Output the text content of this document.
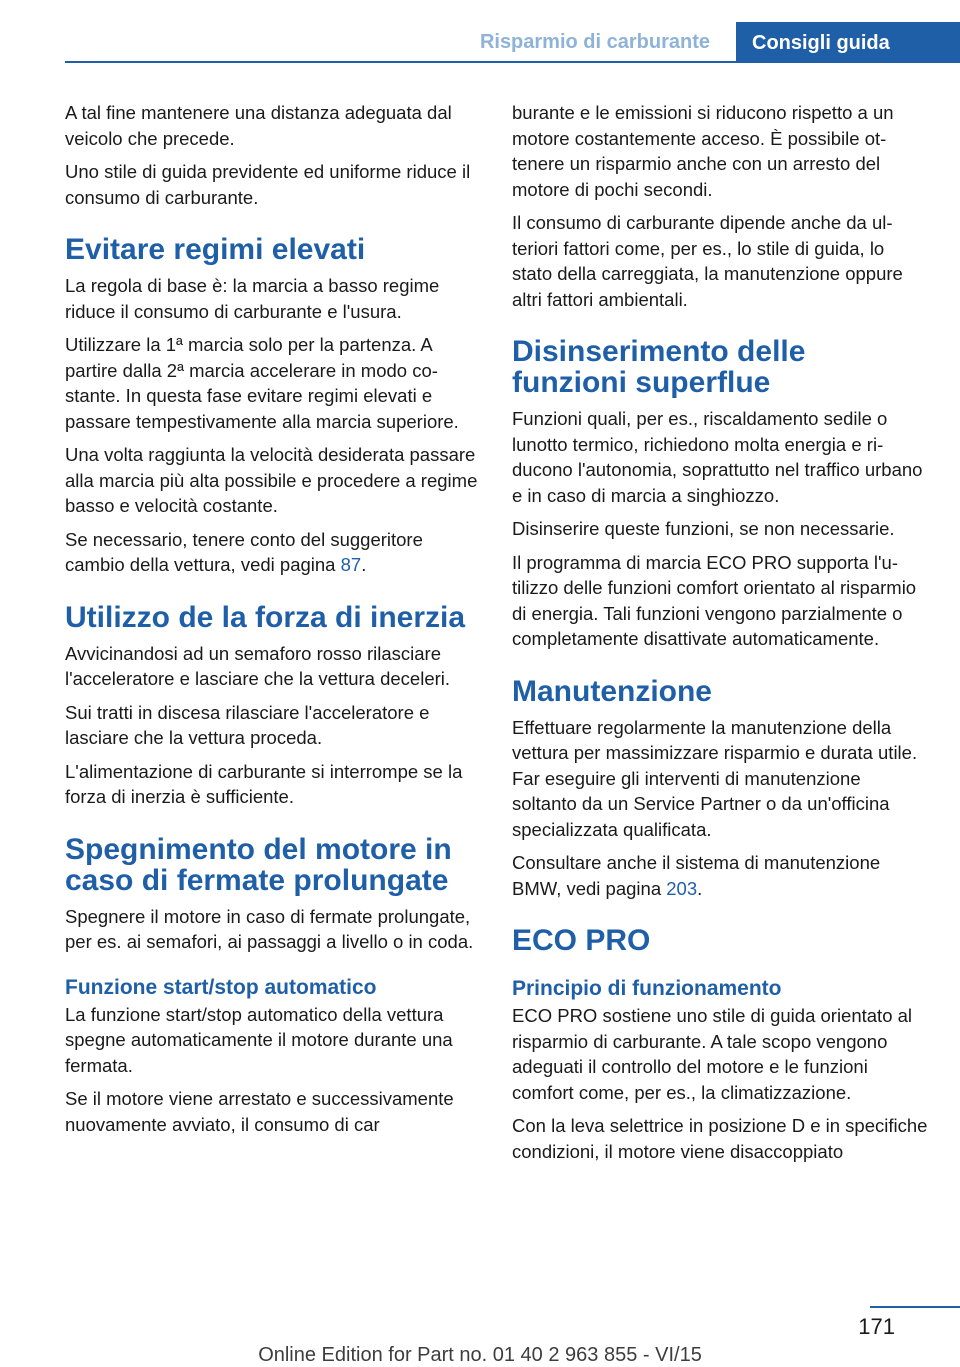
Risparmio di carburante	Consigli guida

A tal fine mantenere una distanza adeguata dal veicolo che precede.

Uno stile di guida previdente ed uniforme riduce il consumo di carburante.

Evitare regimi elevati

La regola di base è: la marcia a basso regime riduce il consumo di carburante e l'usura.

Utilizzare la 1ª marcia solo per la partenza. A partire dalla 2ª marcia accelerare in modo costante. In questa fase evitare regimi elevati e passare tempestivamente alla marcia superiore.

Una volta raggiunta la velocità desiderata passare alla marcia più alta possibile e procedere a regime basso e velocità costante.

Se necessario, tenere conto del suggeritore cambio della vettura, vedi pagina 87.

Utilizzo de la forza di inerzia

Avvicinandosi ad un semaforo rosso rilasciare l'acceleratore e lasciare che la vettura deceleri.

Sui tratti in discesa rilasciare l'acceleratore e lasciare che la vettura proceda.

L'alimentazione di carburante si interrompe se la forza di inerzia è sufficiente.

Spegnimento del motore in caso di fermate prolungate

Spegnere il motore in caso di fermate prolungate, per es. ai semafori, ai passaggi a livello o in coda.

Funzione start/stop automatico

La funzione start/stop automatico della vettura spegne automaticamente il motore durante una fermata.

Se il motore viene arrestato e successivamente nuovamente avviato, il consumo di car

burante e le emissioni si riducono rispetto a un motore costantemente acceso. È possibile ottenere un risparmio anche con un arresto del motore di pochi secondi.

Il consumo di carburante dipende anche da ulteriori fattori come, per es., lo stile di guida, lo stato della carreggiata, la manutenzione oppure altri fattori ambientali.

Disinserimento delle funzioni superflue

Funzioni quali, per es., riscaldamento sedile o lunotto termico, richiedono molta energia e riducono l'autonomia, soprattutto nel traffico urbano e in caso di marcia a singhiozzo.

Disinserire queste funzioni, se non necessarie.

Il programma di marcia ECO PRO supporta l'utilizzo delle funzioni comfort orientato al risparmio di energia. Tali funzioni vengono parzialmente o completamente disattivate automaticamente.

Manutenzione

Effettuare regolarmente la manutenzione della vettura per massimizzare risparmio e durata utile. Far eseguire gli interventi di manutenzione soltanto da un Service Partner o da un'officina specializzata qualificata.

Consultare anche il sistema di manutenzione BMW, vedi pagina 203.

ECO PRO
Principio di funzionamento

ECO PRO sostiene uno stile di guida orientato al risparmio di carburante. A tale scopo vengono adeguati il controllo del motore e le funzioni comfort come, per es., la climatizzazione.

Con la leva selettrice in posizione D e in specifiche condizioni, il motore viene disaccoppiato

171
Online Edition for Part no. 01 40 2 963 855 - VI/15
